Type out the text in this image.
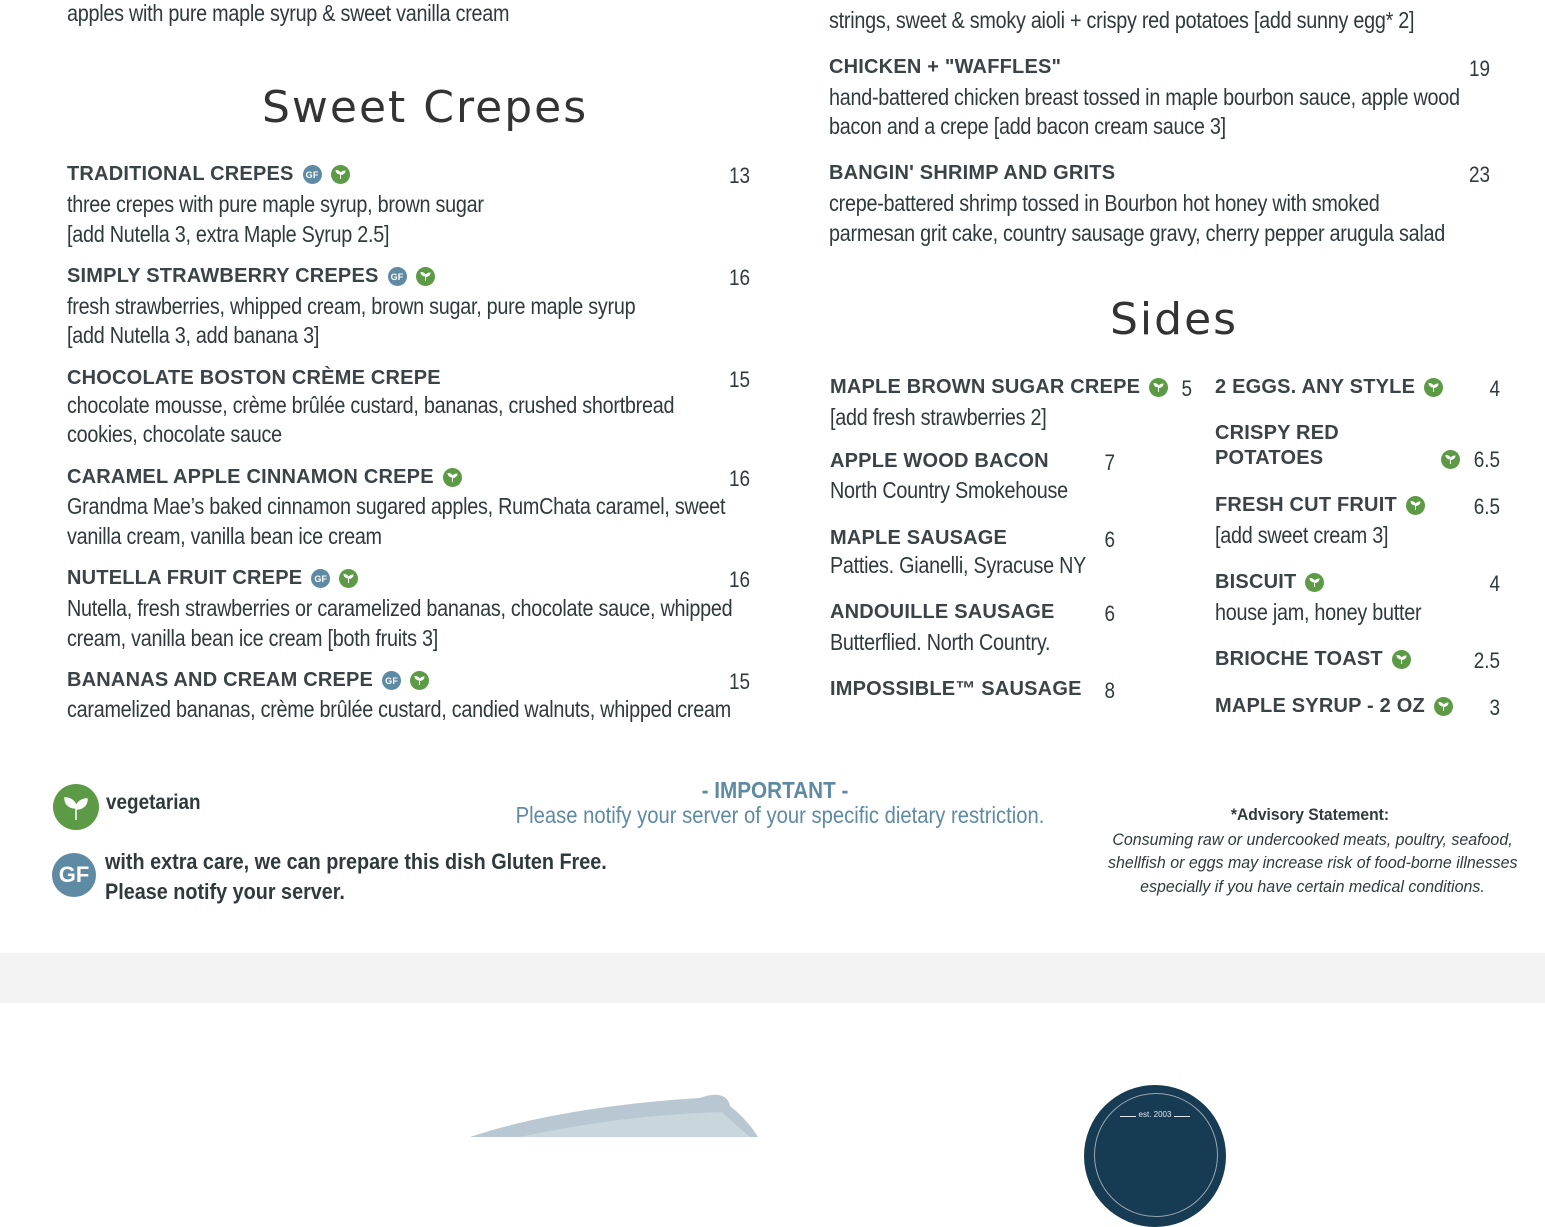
apples with pure maple syrup & sweet vanilla cream	strings, sweet & smoky aioli + crispy red potatoes [add sunny egg* 2]
Sweet Crepes
TRADITIONAL CREPES	GF	13
three crepes with pure maple syrup, brown sugar
[add Nutella 3, extra Maple Syrup 2.5]
SIMPLY STRAWBERRY CREPES	GF	16
fresh strawberries, whipped cream, brown sugar, pure maple syrup
[add Nutella 3, add banana 3]
CHOCOLATE BOSTON CRÈME CREPE	15
chocolate mousse, crème brûlée custard, bananas, crushed shortbread
cookies, chocolate sauce
CARAMEL APPLE CINNAMON CREPE	16
Grandma Mae’s baked cinnamon sugared apples, RumChata caramel, sweet
vanilla cream, vanilla bean ice cream
NUTELLA FRUIT CREPE	GF	16
Nutella, fresh strawberries or caramelized bananas, chocolate sauce, whipped
cream, vanilla bean ice cream [both fruits 3]
BANANAS AND CREAM CREPE	GF	15
caramelized bananas, crème brûlée custard, candied walnuts, whipped cream
CHICKEN + "WAFFLES"	19
hand-battered chicken breast tossed in maple bourbon sauce, apple wood
bacon and a crepe [add bacon cream sauce 3]
BANGIN' SHRIMP AND GRITS	23
crepe-battered shrimp tossed in Bourbon hot honey with smoked
parmesan grit cake, country sausage gravy, cherry pepper arugula salad
Sides
MAPLE BROWN SUGAR CREPE	5
[add fresh strawberries 2]
APPLE WOOD BACON	7
North Country Smokehouse
MAPLE SAUSAGE	6
Patties. Gianelli, Syracuse NY
ANDOUILLE SAUSAGE	6
Butterflied. North Country.
IMPOSSIBLE™ SAUSAGE	8
2 EGGS. ANY STYLE	4
CRISPY RED
POTATOES	6.5
FRESH CUT FRUIT	6.5
[add sweet cream 3]
BISCUIT	4
house jam, honey butter
BRIOCHE TOAST	2.5
MAPLE SYRUP - 2 OZ	3
vegetarian
GF
with extra care, we can prepare this dish Gluten Free.
Please notify your server.
- IMPORTANT -
Please notify your server of your specific dietary restriction.	*Advisory Statement:
Consuming raw or undercooked meats, poultry, seafood,
shellfish or eggs may increase risk of food-borne illnesses
especially if you have certain medical conditions.
est. 2003
